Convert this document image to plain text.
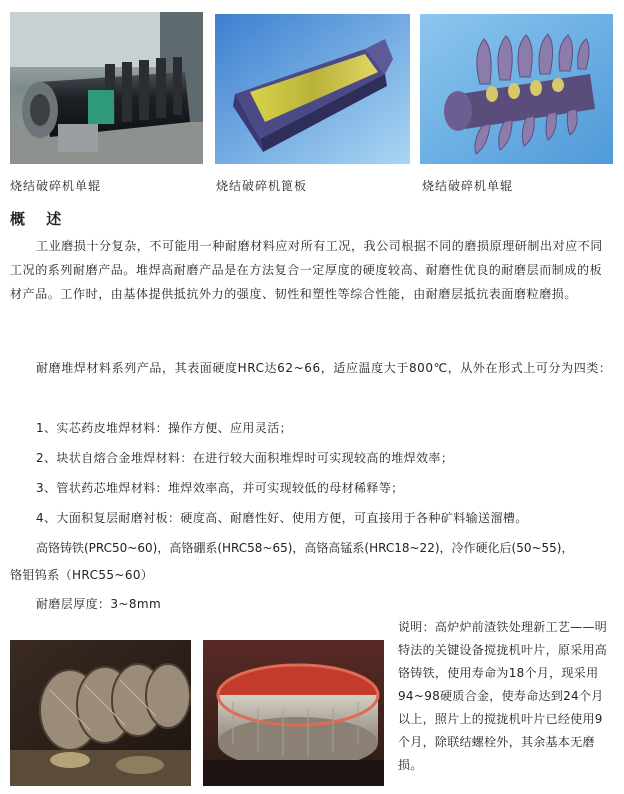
烧结破碎机单辊	烧结破碎机篦板	烧结破碎机单辊
概 述

工业磨损十分复杂，不可能用一种耐磨材料应对所有工况，我公司根据不同的磨损原理研制出对应不同工况的系列耐磨产品。堆焊高耐磨产品是在方法复合一定厚度的硬度较高、耐磨性优良的耐磨层而制成的板材产品。工作时，由基体提供抵抗外力的强度、韧性和塑性等综合性能，由耐磨层抵抗表面磨粒磨损。

耐磨堆焊材料系列产品，其表面硬度HRC达62~66，适应温度大于800℃，从外在形式上可分为四类：

1、实芯药皮堆焊材料：操作方便、应用灵活；
2、块状自熔合金堆焊材料：在进行较大面积堆焊时可实现较高的堆焊效率；
3、管状药芯堆焊材料：堆焊效率高，并可实现较低的母材稀释等；
4、大面积复层耐磨衬板：硬度高、耐磨性好、使用方便，可直接用于各种矿料输送溜槽。
高铬铸铁(PRC50~60)，高铬硼系(HRC58~65)，高铬高锰系(HRC18~22)，冷作硬化后(50~55)，
铬钼钨系（HRC55~60）
耐磨层厚度：3~8mm

说明：高炉炉前渣铁处理新工艺——明特法的关键设备搅拢机叶片，原采用高铬铸铁，使用寿命为18个月，现采用94~98硬质合金，使寿命达到24个月以上，照片上的搅拢机叶片已经使用9个月，除联结螺栓外，其余基本无磨损。
